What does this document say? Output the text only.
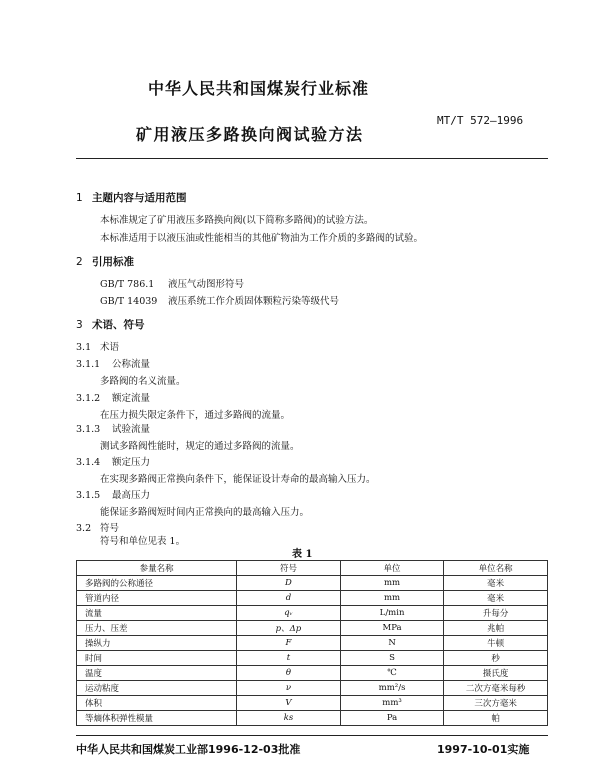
中华人民共和国煤炭行业标准
矿用液压多路换向阀试验方法
MT/T 572—1996
1 主题内容与适用范围
本标准规定了矿用液压多路换向阀(以下简称多路阀)的试验方法。
本标准适用于以液压油或性能相当的其他矿物油为工作介质的多路阀的试验。
2 引用标准
GB/T 786.1 液压气动图形符号
GB/T 14039 液压系统工作介质固体颗粒污染等级代号
3 术语、符号
3.1 术语
3.1.1 公称流量
多路阀的名义流量。
3.1.2 额定流量
在压力损失限定条件下，通过多路阀的流量。
3.1.3 试验流量
测试多路阀性能时，规定的通过多路阀的流量。
3.1.4 额定压力
在实现多路阀正常换向条件下，能保证设计寿命的最高输入压力。
3.1.5 最高压力
能保证多路阀短时间内正常换向的最高输入压力。
3.2 符号
符号和单位见表 1。
表 1
参量名称	符号	单位	单位名称
多路阀的公称通径	D	mm	毫米
管道内径	d	mm	毫米
流量	qᵥ	L/min	升每分
压力、压差	p、Δp	MPa	兆帕
操纵力	F	N	牛顿
时间	t	S	秒
温度	θ	℃	摄氏度
运动粘度	ν	mm²/s	二次方毫米每秒
体积	V	mm³	三次方毫米
等熵体积弹性模量	ks	Pa	帕
中华人民共和国煤炭工业部1996-12-03批准	1997-10-01实施
